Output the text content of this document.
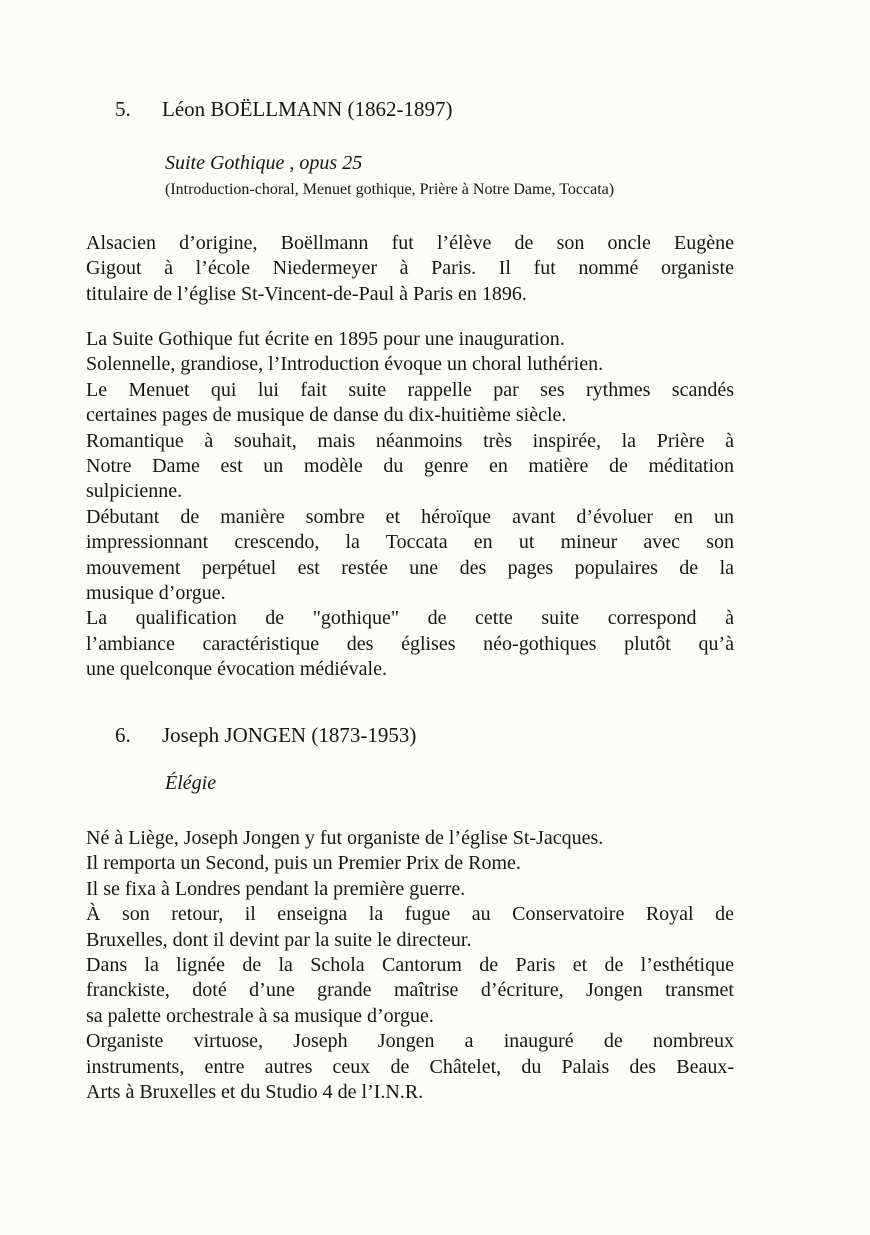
5. Léon BOËLLMANN (1862-1897)
Suite Gothique , opus 25
(Introduction-choral, Menuet gothique, Prière à Notre Dame, Toccata)
Alsacien d’origine, Boëllmann fut l’élève de son oncle Eugène
Gigout à l’école Niedermeyer à Paris. Il fut nommé organiste
titulaire de l’église St-Vincent-de-Paul à Paris en 1896.
La Suite Gothique fut écrite en 1895 pour une inauguration.
Solennelle, grandiose, l’Introduction évoque un choral luthérien.
Le Menuet qui lui fait suite rappelle par ses rythmes scandés
certaines pages de musique de danse du dix-huitième siècle.
Romantique à souhait, mais néanmoins très inspirée, la Prière à
Notre Dame est un modèle du genre en matière de méditation
sulpicienne.
Débutant de manière sombre et héroïque avant d’évoluer en un
impressionnant crescendo, la Toccata en ut mineur avec son
mouvement perpétuel est restée une des pages populaires de la
musique d’orgue.
La qualification de "gothique" de cette suite correspond à
l’ambiance caractéristique des églises néo-gothiques plutôt qu’à
une quelconque évocation médiévale.
6. Joseph JONGEN (1873-1953)
Élégie
Né à Liège, Joseph Jongen y fut organiste de l’église St-Jacques.
Il remporta un Second, puis un Premier Prix de Rome.
Il se fixa à Londres pendant la première guerre.
À son retour, il enseigna la fugue au Conservatoire Royal de
Bruxelles, dont il devint par la suite le directeur.
Dans la lignée de la Schola Cantorum de Paris et de l’esthétique
franckiste, doté d’une grande maîtrise d’écriture, Jongen transmet
sa palette orchestrale à sa musique d’orgue.
Organiste virtuose, Joseph Jongen a inauguré de nombreux
instruments, entre autres ceux de Châtelet, du Palais des Beaux-
Arts à Bruxelles et du Studio 4 de l’I.N.R.
